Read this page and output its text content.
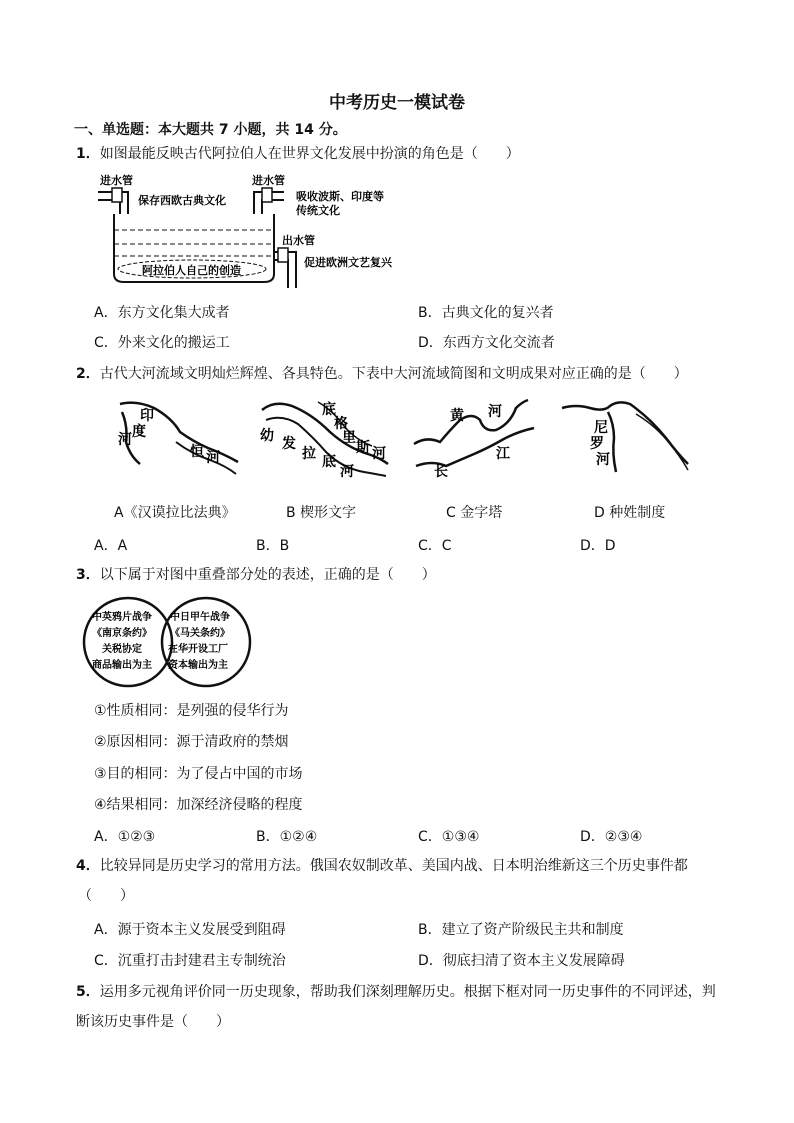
中考历史一模试卷
一、单选题：本大题共 7 小题，共 14 分。
1．如图最能反映古代阿拉伯人在世界文化发展中扮演的角色是（　　）
进水管
保存西欧古典文化
进水管
吸收波斯、印度等
传统文化
出水管
促进欧洲文艺复兴
阿拉伯人自己的创造
A．东方文化集大成者	B．古典文化的复兴者
C．外来文化的搬运工	D．东西方文化交流者
2．古代大河流域文明灿烂辉煌、各具特色。下表中大河流域简图和文明成果对应正确的是（　　）
印
度
河
恒 河
底
格
里
斯 河
幼 发
拉 底
河
黄 河
长
江
尼
罗
河
A《汉谟拉比法典》	B 楔形文字	C 金字塔	D 种姓制度
A．A	B．B	C．C	D．D
3．以下属于对图中重叠部分处的表述，正确的是（　　）
中英鸦片战争
《南京条约》
关税协定
商品输出为主
中日甲午战争
《马关条约》
在华开设工厂
资本输出为主
①性质相同：是列强的侵华行为
②原因相同：源于清政府的禁烟
③目的相同：为了侵占中国的市场
④结果相同：加深经济侵略的程度
A．①②③	B．①②④	C．①③④	D．②③④
4．比较异同是历史学习的常用方法。俄国农奴制改革、美国内战、日本明治维新这三个历史事件都
（　　）
A．源于资本主义发展受到阻碍	B．建立了资产阶级民主共和制度
C．沉重打击封建君主专制统治	D．彻底扫清了资本主义发展障碍
5．运用多元视角评价同一历史现象，帮助我们深刻理解历史。根据下框对同一历史事件的不同评述，判
断该历史事件是（　　）
